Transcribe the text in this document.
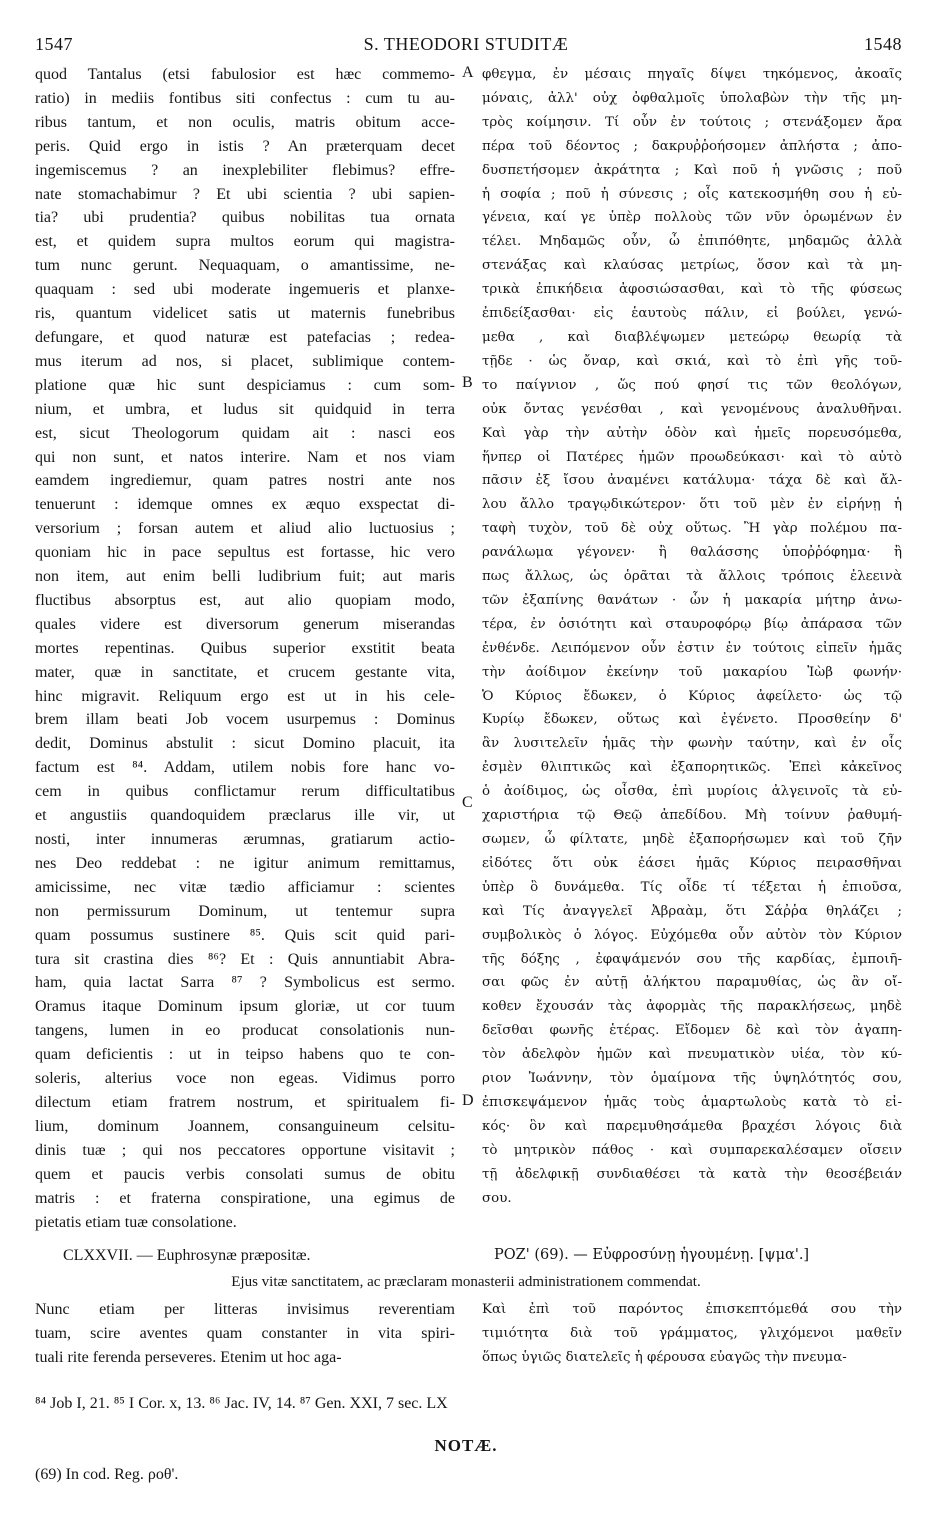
1547	S. THEODORI STUDITÆ	1548
quod Tantalus (etsi fabulosior est hæc commemo-
ratio) in mediis fontibus siti confectus : cum tu au-
ribus tantum, et non oculis, matris obitum acce-
peris. Quid ergo in istis ? An præterquam decet
ingemiscemus ? an inexplebiliter flebimus? effre-
nate stomachabimur ? Et ubi scientia ? ubi sapien-
tia? ubi prudentia? quibus nobilitas tua ornata
est, et quidem supra multos eorum qui magistra-
tum nunc gerunt. Nequaquam, o amantissime, ne-
quaquam : sed ubi moderate ingemueris et planxe-
ris, quantum videlicet satis ut maternis funebribus
defungare, et quod naturæ est patefacias ; redea-
mus iterum ad nos, si placet, sublimique contem-
platione quæ hic sunt despiciamus : cum som-
nium, et umbra, et ludus sit quidquid in terra
est, sicut Theologorum quidam ait : nasci eos
qui non sunt, et natos interire. Nam et nos viam
eamdem ingrediemur, quam patres nostri ante nos
tenuerunt : idemque omnes ex æquo exspectat di-
versorium ; forsan autem et aliud alio luctuosius ;
quoniam hic in pace sepultus est fortasse, hic vero
non item, aut enim belli ludibrium fuit; aut maris
fluctibus absorptus est, aut alio quopiam modo,
quales videre est diversorum generum miserandas
mortes repentinas. Quibus superior exstitit beata
mater, quæ in sanctitate, et crucem gestante vita,
hinc migravit. Reliquum ergo est ut in his cele-
brem illam beati Job vocem usurpemus : Dominus
dedit, Dominus abstulit : sicut Domino placuit, ita
factum est ⁸⁴. Addam, utilem nobis fore hanc vo-
cem in quibus conflictamur rerum difficultatibus
et angustiis quandoquidem præclarus ille vir, ut
nosti, inter innumeras ærumnas, gratiarum actio-
nes Deo reddebat : ne igitur animum remittamus,
amicissime, nec vitæ tædio afficiamur : scientes
non permissurum Dominum, ut tentemur supra
quam possumus sustinere ⁸⁵. Quis scit quid pari-
tura sit crastina dies ⁸⁶? Et : Quis annuntiabit Abra-
ham, quia lactat Sarra ⁸⁷ ? Symbolicus est sermo.
Oramus itaque Dominum ipsum gloriæ, ut cor tuum
tangens, lumen in eo producat consolationis nun-
quam deficientis : ut in teipso habens quo te con-
soleris, alterius voce non egeas. Vidimus porro
dilectum etiam fratrem nostrum, et spiritualem fi-
lium, dominum Joannem, consanguineum celsitu-
dinis tuæ ; qui nos peccatores opportune visitavit ;
quem et paucis verbis consolati sumus de obitu
matris : et fraterna conspiratione, una egimus de
pietatis etiam tuæ consolatione.
φθεγμα, ἐν μέσαις πηγαῖς δίψει τηκόμενος, ἀκοαῖς
μόναις, ἀλλ' οὐχ ὀφθαλμοῖς ὑπολαβὼν τὴν τῆς μη-
τρὸς κοίμησιν. Τί οὖν ἐν τούτοις ; στενάξομεν ἄρα
πέρα τοῦ δέοντος ; δακρυῤῥοήσομεν ἀπλήστα ; ἀπο-
δυσπετήσομεν ἀκράτητα ; Καὶ ποῦ ἡ γνῶσις ; ποῦ
ἡ σοφία ; ποῦ ἡ σύνεσις ; οἷς κατεκοσμήθη σου ἡ εὐ-
γένεια, καί γε ὑπὲρ πολλοὺς τῶν νῦν ὁρωμένων ἐν
τέλει. Μηδαμῶς οὖν, ὦ ἐπιπόθητε, μηδαμῶς ἀλλὰ
στενάξας καὶ κλαύσας μετρίως, ὅσον καὶ τὰ μη-
τρικὰ ἐπικήδεια ἀφοσιώσασθαι, καὶ τὸ τῆς φύσεως
ἐπιδείξασθαι· εἰς ἑαυτοὺς πάλιν, εἰ βούλει, γενώ-
μεθα , καὶ διαβλέψωμεν μετεώρῳ θεωρίᾳ τὰ
τῇδε · ὡς ὄναρ, καὶ σκιά, καὶ τὸ ἐπὶ γῆς τοῦ-
το παίγνιον , ὥς πού φησί τις τῶν θεολόγων,
οὐκ ὄντας γενέσθαι , καὶ γενομένους ἀναλυθῆναι.
Καὶ γὰρ τὴν αὐτὴν ὁδὸν καὶ ἡμεῖς πορευσόμεθα,
ἥνπερ οἱ Πατέρες ἡμῶν προωδεύκασι· καὶ τὸ αὐτὸ
πᾶσιν ἐξ ἴσου ἀναμένει κατάλυμα· τάχα δὲ καὶ ἄλ-
λου ἄλλο τραγῳδικώτερον· ὅτι τοῦ μὲν ἐν εἰρήνῃ ἡ
ταφὴ τυχὸν, τοῦ δὲ οὐχ οὕτως. Ἢ γὰρ πολέμου πα-
ρανάλωμα γέγονεν· ἢ θαλάσσης ὑποῤῥόφημα· ἢ
πως ἄλλως, ὡς ὁρᾶται τὰ ἄλλοις τρόποις ἐλεεινὰ
τῶν ἐξαπίνης θανάτων · ὧν ἡ μακαρία μήτηρ ἀνω-
τέρα, ἐν ὁσιότητι καὶ σταυροφόρῳ βίῳ ἀπάρασα τῶν
ἐνθένδε. Λειπόμενον οὖν ἐστιν ἐν τούτοις εἰπεῖν ἡμᾶς
τὴν ἀοίδιμον ἐκείνην τοῦ μακαρίου Ἰὼβ φωνήν·
Ὁ Κύριος ἔδωκεν, ὁ Κύριος ἀφείλετο· ὡς τῷ
Κυρίῳ ἔδωκεν, οὕτως καὶ ἐγένετο. Προσθείην δ'
ἂν λυσιτελεῖν ἡμᾶς τὴν φωνὴν ταύτην, καὶ ἐν οἷς
ἐσμὲν θλιπτικῶς καὶ ἐξαπορητικῶς. Ἐπεὶ κἀκεῖνος
ὁ ἀοίδιμος, ὡς οἶσθα, ἐπὶ μυρίοις ἀλγεινοῖς τὰ εὐ-
χαριστήρια τῷ Θεῷ ἀπεδίδου. Μὴ τοίνυν ῥαθυμή-
σωμεν, ὦ φίλτατε, μηδὲ ἐξαπορήσωμεν καὶ τοῦ ζῆν
εἰδότες ὅτι οὐκ ἐάσει ἡμᾶς Κύριος πειρασθῆναι
ὑπὲρ ὃ δυνάμεθα. Τίς οἶδε τί τέξεται ἡ ἐπιοῦσα,
καὶ Τίς ἀναγγελεῖ Ἀβραὰμ, ὅτι Σάῤῥα θηλάζει ;
συμβολικὸς ὁ λόγος. Εὐχόμεθα οὖν αὐτὸν τὸν Κύριον
τῆς δόξης , ἐφαψάμενόν σου τῆς καρδίας, ἐμποιῆ-
σαι φῶς ἐν αὐτῇ ἀλήκτου παραμυθίας, ὡς ἂν οἴ-
κοθεν ἔχουσάν τὰς ἀφορμὰς τῆς παρακλήσεως, μηδὲ
δεῖσθαι φωνῆς ἑτέρας. Εἴδομεν δὲ καὶ τὸν ἀγαπη-
τὸν ἀδελφὸν ἡμῶν καὶ πνευματικὸν υἱέα, τὸν κύ-
ριον Ἰωάννην, τὸν ὁμαίμονα τῆς ὑψηλότητός σου,
ἐπισκεψάμενον ἡμᾶς τοὺς ἁμαρτωλοὺς κατὰ τὸ εἰ-
κός· ὃν καὶ παρεμυθησάμεθα βραχέσι λόγοις διὰ
τὸ μητρικὸν πάθος · καὶ συμπαρεκαλέσαμεν οἴσειν
τῇ ἀδελφικῇ συνδιαθέσει τὰ κατὰ τὴν θεοσέβειάν
σου.
A
B
C
D
CLXXVII. — Euphrosynæ præpositæ.	ΡΟΖ' (69). — Εὐφροσύνῃ ἡγουμένῃ. [ψμα'.]
Ejus vitæ sanctitatem, ac præclaram monasterii administrationem commendat.
Nunc etiam per litteras invisimus reverentiam
tuam, scire aventes quam constanter in vita spiri-
tuali rite ferenda perseveres. Etenim ut hoc aga-
Καὶ ἐπὶ τοῦ παρόντος ἐπισκεπτόμεθά σου τὴν
τιμιότητα διὰ τοῦ γράμματος, γλιχόμενοι μαθεῖν
ὅπως ὑγιῶς διατελεῖς ἡ φέρουσα εὐαγῶς τὴν πνευμα-
⁸⁴ Job I, 21. ⁸⁵ I Cor. x, 13. ⁸⁶ Jac. IV, 14. ⁸⁷ Gen. XXI, 7 sec. LX
NOTÆ.
(69) In cod. Reg. ροθ'.
